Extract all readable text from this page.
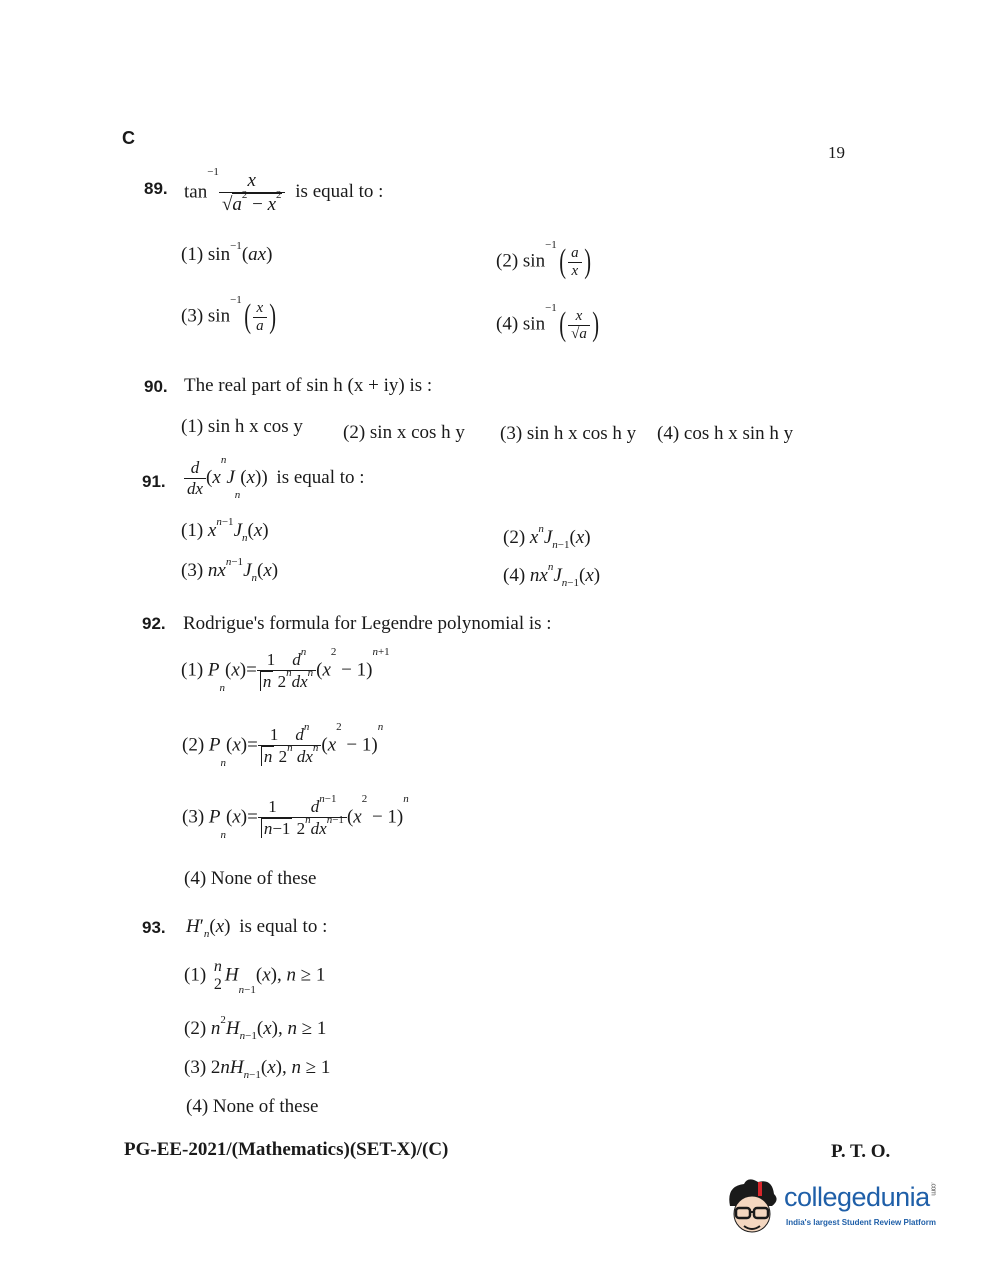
C
19
89. $\tan^{-1} \frac{x}{√a^2 - x^2}$ is equal to :
(1) $\sin^{-1}(ax)$	(2) $\sin^{-1}( \frac{a}{x}$ )
(3) $\sin^{-1}( \frac{x}{a}$ )	(4) $\sin^{-1}( \frac{x}{√a}$ )
90. The real part of sin h (x + iy) is :
(1) sin h x cos y (2) sin x cos h y (3) sin h x cos h y (4) cos h x sin h y
91. $\frac{d}{dx} (x^nJ_n(x))$ is equal to :
(1) $x^{n-1}J_n(x)$	(2) $x^nJ_{n-1}(x)$
(3) $nx^{n-1}J_n(x)$	(4) $nx^nJ_{n-1}(x)$
92. Rodrigue's formula for Legendre polynomial is :
(1) $P_n(x)= \frac{1 d^n}{n 2^ndx^n} (x^2 - 1)^{n+1}$
(2) $P_n(x)= \frac{1 d^n}{n 2^n dx^n} (x^2 - 1)^n$
(3) $P_n(x)= \frac{1 d^{n-1}}{n-1 2^ndx^{n-1}} (x^2 - 1)^n$
(4) None of these
93. $H'_n(x)$ is equal to :
(1) n
2 $H_{n-1}(x)$, n ≥ 1
(2) $n^2H_{n-1}(x)$, n ≥ 1
(3) $2nH_{n-1}(x)$, n ≥ 1
(4) None of these
PG-EE-2021/(Mathematics)(SET-X)/(C)	P. T. O.
collegedunia.com
India's largest Student Review Platform
